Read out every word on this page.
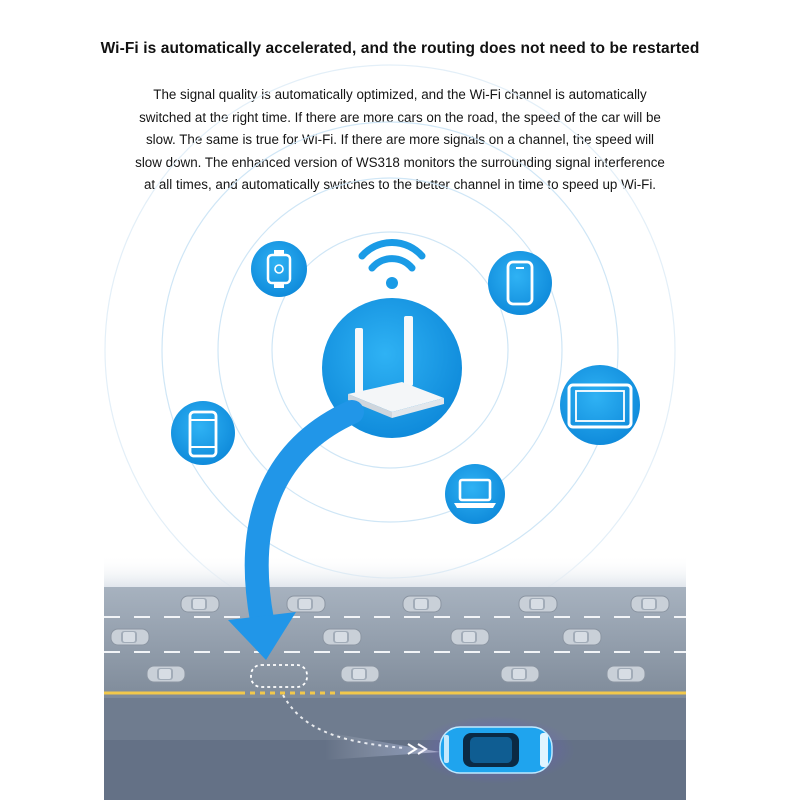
Wi-Fi is automatically accelerated, and the routing does not need to be restarted
The signal quality is automatically optimized, and the Wi-Fi channel is automatically
switched at the right time. If there are more cars on the road, the speed of the car will be
slow. The same is true for Wi-Fi. If there are more signals on a channel, the speed will
slow down. The enhanced version of WS318 monitors the surrounding signal interference
at all times, and automatically switches to the better channel in time to speed up Wi-Fi.
